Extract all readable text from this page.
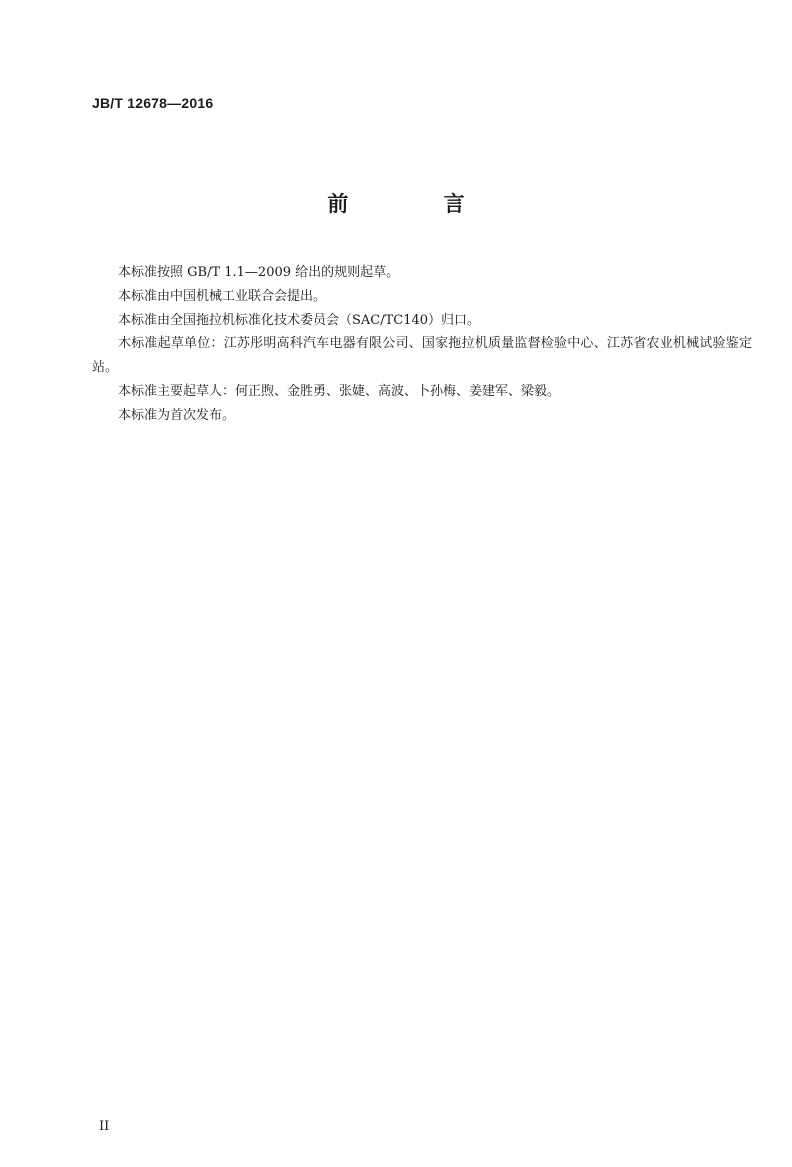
JB/T 12678—2016
前 言

本标准按照 GB/T 1.1—2009 给出的规则起草。

本标准由中国机械工业联合会提出。

本标准由全国拖拉机标准化技术委员会（SAC/TC140）归口。

木标准起草单位：江苏彤明高科汽车电器有限公司、国家拖拉机质量监督检验中心、江苏省农业机械试验鉴定站。

本标准主要起草人：何正煦、金胜勇、张婕、高波、卜孙梅、姜建军、梁毅。

本标准为首次发布。

II
